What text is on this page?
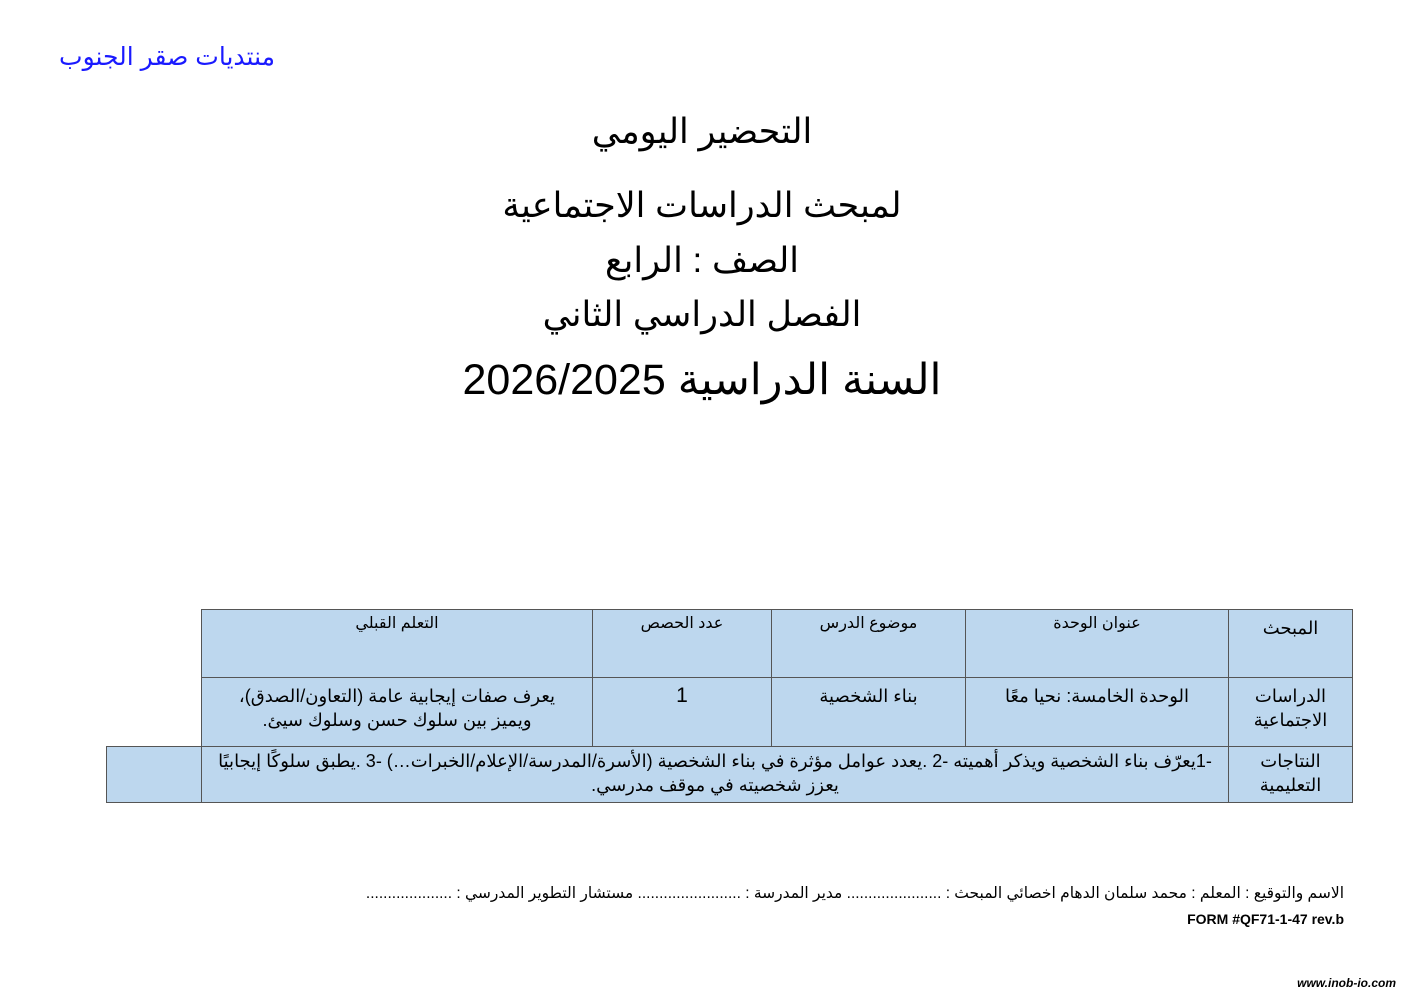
منتديات صقر الجنوب
التحضير اليومي
لمبحث الدراسات الاجتماعية
الصف : الرابع
الفصل الدراسي الثاني
السنة الدراسية 2026/2025
المبحث
عنوان الوحدة
موضوع الدرس
عدد الحصص
التعلم القبلي
الدراسات الاجتماعية
الوحدة الخامسة: نحيا معًا
بناء الشخصية
1
يعرف صفات إيجابية عامة (التعاون/الصدق)، ويميز بين سلوك حسن وسلوك سيئ.
النتاجات التعليمية
-1يعرّف بناء الشخصية ويذكر أهميته -2 .يعدد عوامل مؤثرة في بناء الشخصية (الأسرة/المدرسة/الإعلام/الخبرات…) -3 .يطبق سلوكًا إيجابيًا يعزز شخصيته في موقف مدرسي.
الاسم والتوقيع : المعلم : محمد سلمان الدهام اخصائي المبحث : ...................... مدير المدرسة : ........................ مستشار التطوير المدرسي : ....................
FORM #QF71-1-47 rev.b
www.inob-io.com
